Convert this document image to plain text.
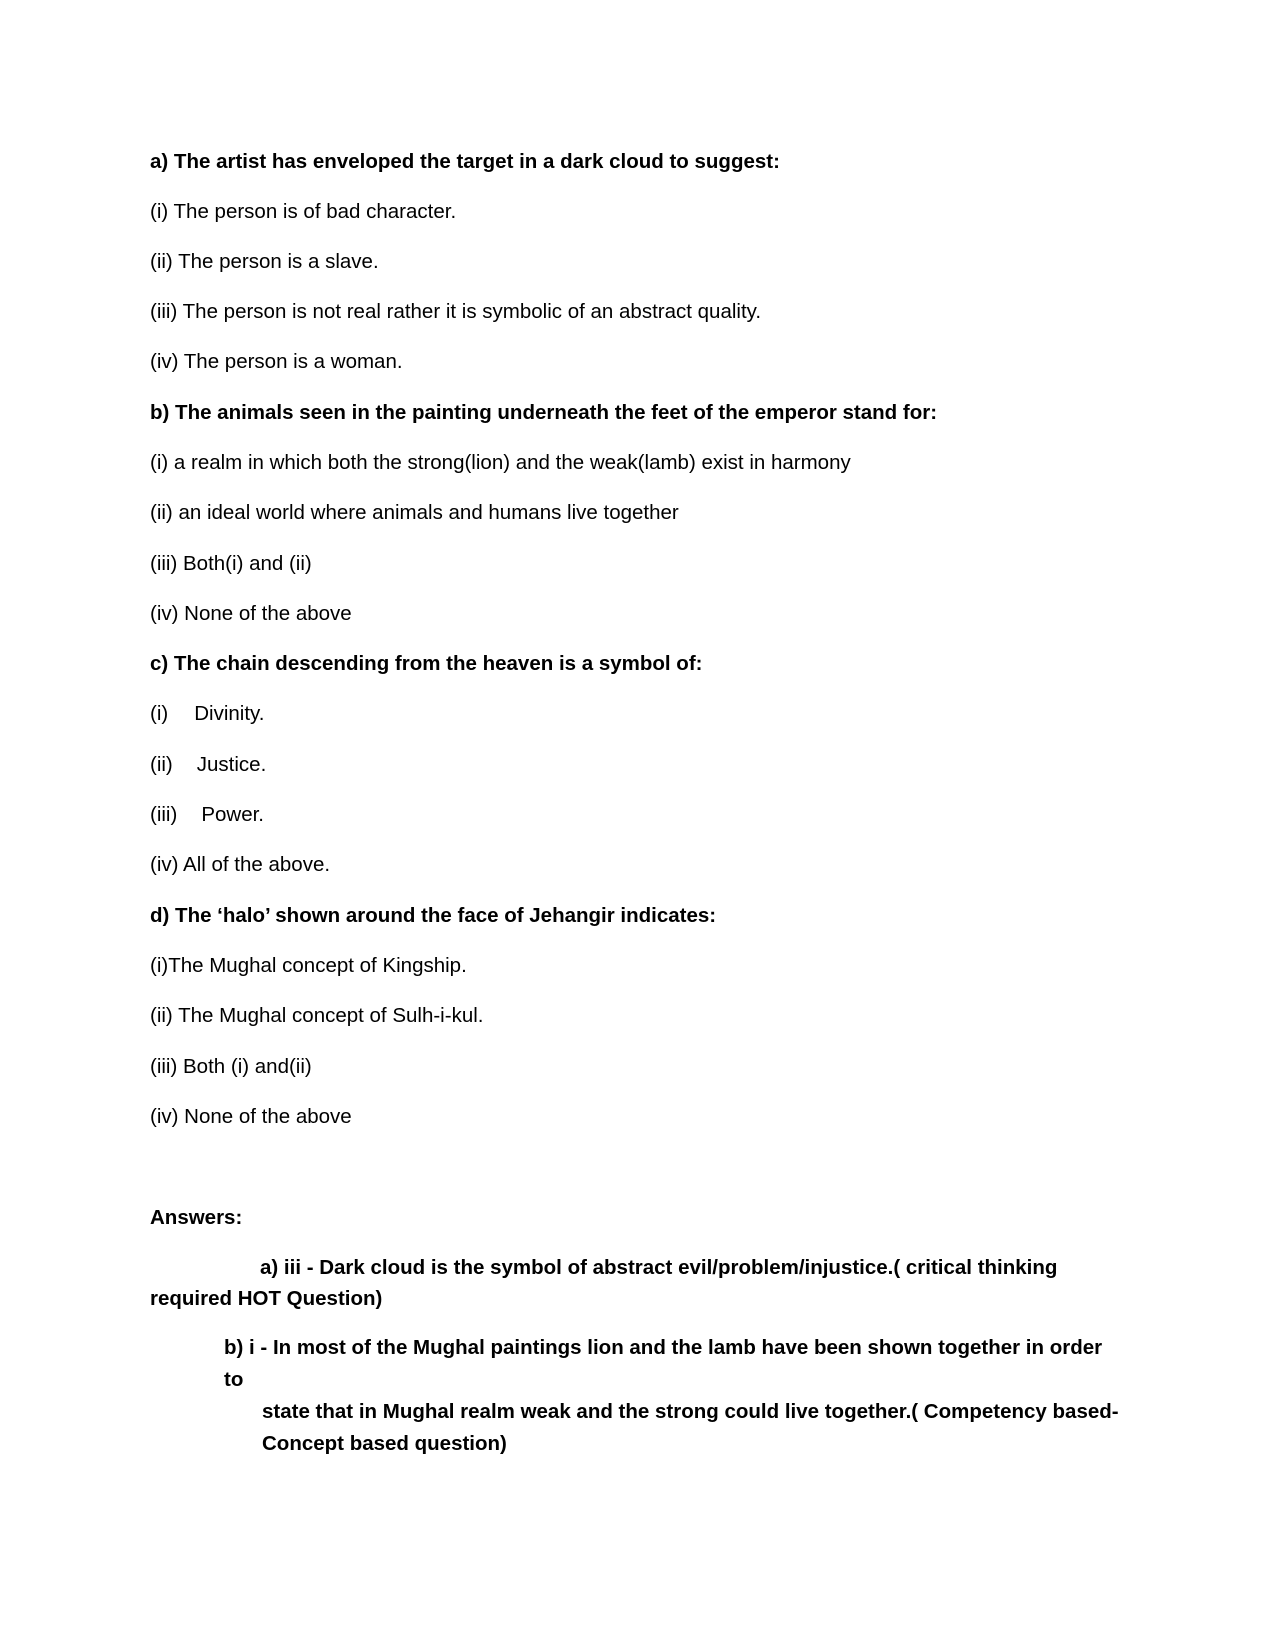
a) The artist has enveloped the target in a dark cloud to suggest:
(i) The person is of bad character.
(ii) The person is a slave.
(iii) The person is not real rather it is symbolic of an abstract quality.
(iv) The person is a woman.
b) The animals seen in the painting underneath the feet of the emperor stand for:
(i) a realm in which both the strong(lion) and the weak(lamb) exist in harmony
(ii) an ideal world where animals and humans live together
(iii) Both(i) and (ii)
(iv) None of the above
c) The chain descending from the heaven is a symbol of:
(i) Divinity.
(ii) Justice.
(iii) Power.
(iv) All of the above.
d) The ‘halo’ shown around the face of Jehangir indicates:
(i)The Mughal concept of Kingship.
(ii) The Mughal concept of Sulh-i-kul.
(iii) Both (i) and(ii)
(iv) None of the above
Answers:
a) iii - Dark cloud is the symbol of abstract evil/problem/injustice.( critical thinking
required HOT Question)
b) i - In most of the Mughal paintings lion and the lamb have been shown together in order to
state that in Mughal realm weak and the strong could live together.( Competency based-
Concept based question)
